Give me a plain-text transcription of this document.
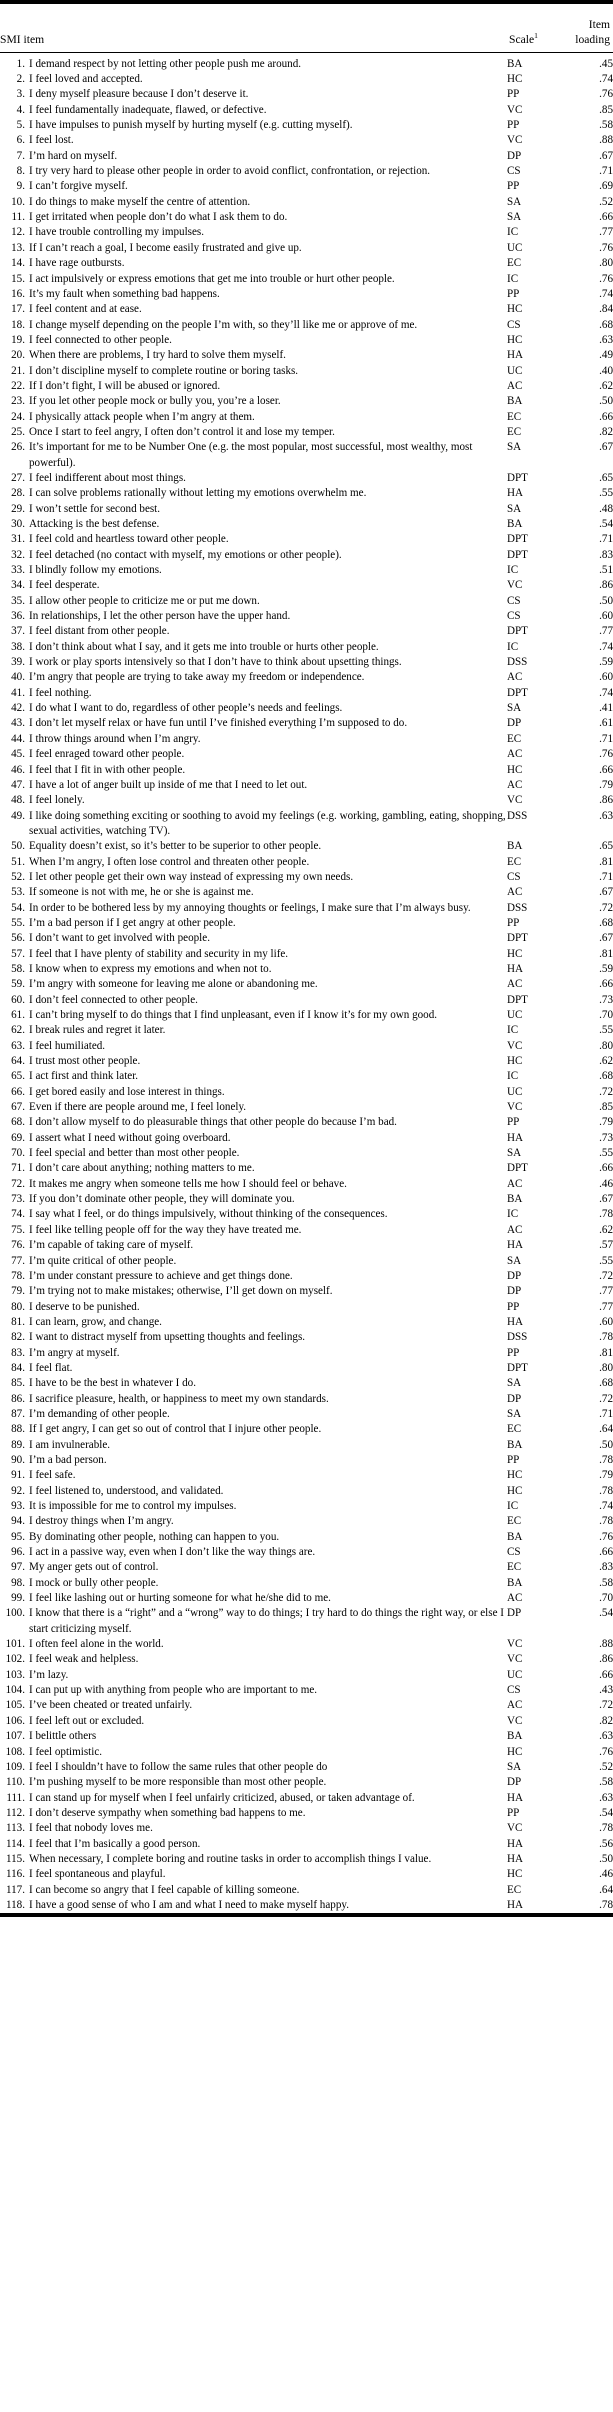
SMI item	Scale$^1$	Item
loading

1. I demand respect by not letting other people push me around.	BA	.45

2. I feel loved and accepted.	HC	.74

3. I deny myself pleasure because I don’t deserve it.	PP	.76

4. I feel fundamentally inadequate, flawed, or defective.	VC	.85

5. I have impulses to punish myself by hurting myself (e.g. cutting myself).	PP	.58

6. I feel lost.	VC	.88

7. I’m hard on myself.	DP	.67

8. I try very hard to please other people in order to avoid conflict, confrontation, or rejection.	CS	.71

9. I can’t forgive myself.	PP	.69

10. I do things to make myself the centre of attention.	SA	.52

11. I get irritated when people don’t do what I ask them to do.	SA	.66

12. I have trouble controlling my impulses.	IC	.77

13. If I can’t reach a goal, I become easily frustrated and give up.	UC	.76

14. I have rage outbursts.	EC	.80

15. I act impulsively or express emotions that get me into trouble or hurt other people.	IC	.76

16. It’s my fault when something bad happens.	PP	.74

17. I feel content and at ease.	HC	.84

18. I change myself depending on the people I’m with, so they’ll like me or approve of me.	CS	.68

19. I feel connected to other people.	HC	.63

20. When there are problems, I try hard to solve them myself.	HA	.49

21. I don’t discipline myself to complete routine or boring tasks.	UC	.40

22. If I don’t fight, I will be abused or ignored.	AC	.62

23. If you let other people mock or bully you, you’re a loser.	BA	.50

24. I physically attack people when I’m angry at them.	EC	.66

25. Once I start to feel angry, I often don’t control it and lose my temper.	EC	.82

26. It’s important for me to be Number One (e.g. the most popular, most successful, most wealthy, most powerful).	SA	.67

27. I feel indifferent about most things.	DPT	.65

28. I can solve problems rationally without letting my emotions overwhelm me.	HA	.55

29. I won’t settle for second best.	SA	.48

30. Attacking is the best defense.	BA	.54

31. I feel cold and heartless toward other people.	DPT	.71

32. I feel detached (no contact with myself, my emotions or other people).	DPT	.83

33. I blindly follow my emotions.	IC	.51

34. I feel desperate.	VC	.86

35. I allow other people to criticize me or put me down.	CS	.50

36. In relationships, I let the other person have the upper hand.	CS	.60

37. I feel distant from other people.	DPT	.77

38. I don’t think about what I say, and it gets me into trouble or hurts other people.	IC	.74

39. I work or play sports intensively so that I don’t have to think about upsetting things.	DSS	.59

40. I’m angry that people are trying to take away my freedom or independence.	AC	.60

41. I feel nothing.	DPT	.74

42. I do what I want to do, regardless of other people’s needs and feelings.	SA	.41

43. I don’t let myself relax or have fun until I’ve finished everything I’m supposed to do.	DP	.61

44. I throw things around when I’m angry.	EC	.71

45. I feel enraged toward other people.	AC	.76

46. I feel that I fit in with other people.	HC	.66

47. I have a lot of anger built up inside of me that I need to let out.	AC	.79

48. I feel lonely.	VC	.86

49. I like doing something exciting or soothing to avoid my feelings (e.g. working, gambling, eating, shopping, sexual activities, watching TV).	DSS	.63

50. Equality doesn’t exist, so it’s better to be superior to other people.	BA	.65

51. When I’m angry, I often lose control and threaten other people.	EC	.81

52. I let other people get their own way instead of expressing my own needs.	CS	.71

53. If someone is not with me, he or she is against me.	AC	.67

54. In order to be bothered less by my annoying thoughts or feelings, I make sure that I’m always busy.	DSS	.72

55. I’m a bad person if I get angry at other people.	PP	.68

56. I don’t want to get involved with people.	DPT	.67

57. I feel that I have plenty of stability and security in my life.	HC	.81

58. I know when to express my emotions and when not to.	HA	.59

59. I’m angry with someone for leaving me alone or abandoning me.	AC	.66

60. I don’t feel connected to other people.	DPT	.73

61. I can’t bring myself to do things that I find unpleasant, even if I know it’s for my own good.	UC	.70

62. I break rules and regret it later.	IC	.55

63. I feel humiliated.	VC	.80

64. I trust most other people.	HC	.62

65. I act first and think later.	IC	.68

66. I get bored easily and lose interest in things.	UC	.72

67. Even if there are people around me, I feel lonely.	VC	.85

68. I don’t allow myself to do pleasurable things that other people do because I’m bad.	PP	.79

69. I assert what I need without going overboard.	HA	.73

70. I feel special and better than most other people.	SA	.55

71. I don’t care about anything; nothing matters to me.	DPT	.66

72. It makes me angry when someone tells me how I should feel or behave.	AC	.46

73. If you don’t dominate other people, they will dominate you.	BA	.67

74. I say what I feel, or do things impulsively, without thinking of the consequences.	IC	.78

75. I feel like telling people off for the way they have treated me.	AC	.62

76. I’m capable of taking care of myself.	HA	.57

77. I’m quite critical of other people.	SA	.55

78. I’m under constant pressure to achieve and get things done.	DP	.72

79. I’m trying not to make mistakes; otherwise, I’ll get down on myself.	DP	.77

80. I deserve to be punished.	PP	.77

81. I can learn, grow, and change.	HA	.60

82. I want to distract myself from upsetting thoughts and feelings.	DSS	.78

83. I’m angry at myself.	PP	.81

84. I feel flat.	DPT	.80

85. I have to be the best in whatever I do.	SA	.68

86. I sacrifice pleasure, health, or happiness to meet my own standards.	DP	.72

87. I’m demanding of other people.	SA	.71

88. If I get angry, I can get so out of control that I injure other people.	EC	.64

89. I am invulnerable.	BA	.50

90. I’m a bad person.	PP	.78

91. I feel safe.	HC	.79

92. I feel listened to, understood, and validated.	HC	.78

93. It is impossible for me to control my impulses.	IC	.74

94. I destroy things when I’m angry.	EC	.78

95. By dominating other people, nothing can happen to you.	BA	.76

96. I act in a passive way, even when I don’t like the way things are.	CS	.66

97. My anger gets out of control.	EC	.83

98. I mock or bully other people.	BA	.58

99. I feel like lashing out or hurting someone for what he/she did to me.	AC	.70

100. I know that there is a “right” and a “wrong” way to do things; I try hard to do things the right way, or else I start criticizing myself.	DP	.54

101. I often feel alone in the world.	VC	.88

102. I feel weak and helpless.	VC	.86

103. I’m lazy.	UC	.66

104. I can put up with anything from people who are important to me.	CS	.43

105. I’ve been cheated or treated unfairly.	AC	.72

106. I feel left out or excluded.	VC	.82

107. I belittle others	BA	.63

108. I feel optimistic.	HC	.76

109. I feel I shouldn’t have to follow the same rules that other people do	SA	.52

110. I’m pushing myself to be more responsible than most other people.	DP	.58

111. I can stand up for myself when I feel unfairly criticized, abused, or taken advantage of.	HA	.63

112. I don’t deserve sympathy when something bad happens to me.	PP	.54

113. I feel that nobody loves me.	VC	.78

114. I feel that I’m basically a good person.	HA	.56

115. When necessary, I complete boring and routine tasks in order to accomplish things I value.	HA	.50

116. I feel spontaneous and playful.	HC	.46

117. I can become so angry that I feel capable of killing someone.	EC	.64

118. I have a good sense of who I am and what I need to make myself happy.	HA	.78
